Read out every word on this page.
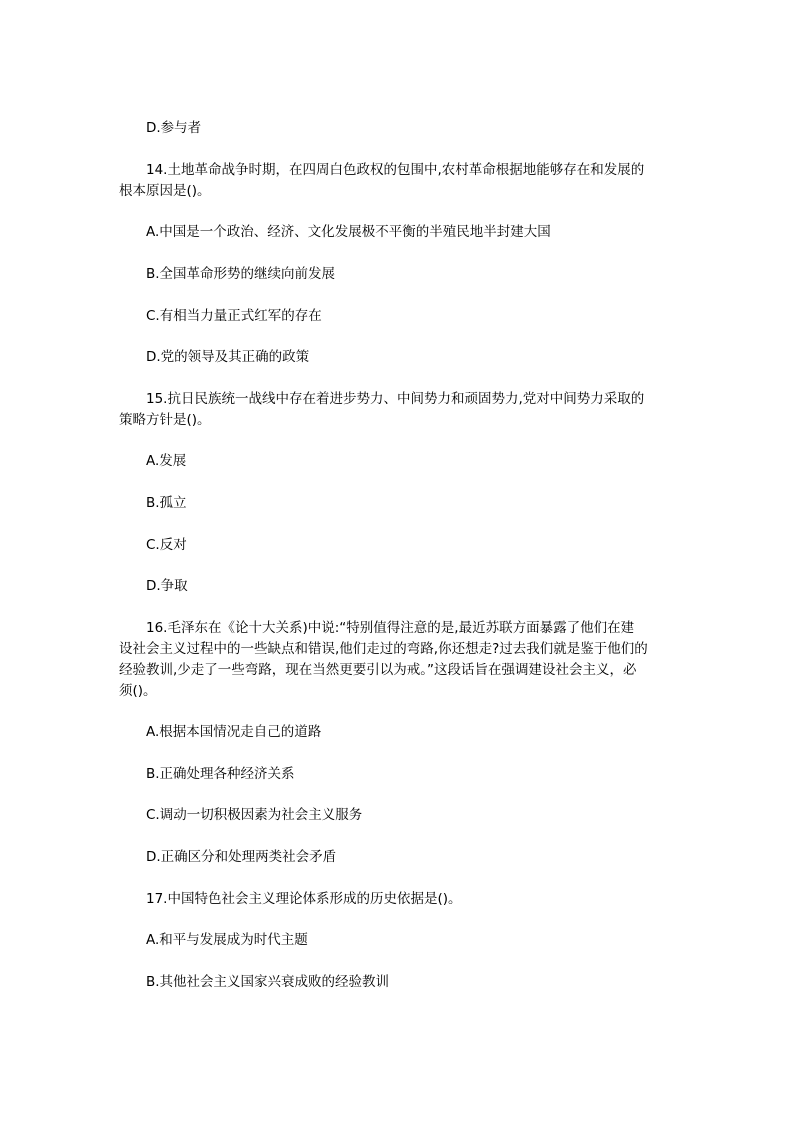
D.参与者
14.土地革命战争时期，在四周白色政权的包围中,农村革命根据地能够存在和发展的
根本原因是()。
A.中国是一个政治、经济、文化发展极不平衡的半殖民地半封建大国
B.全国革命形势的继续向前发展
C.有相当力量正式红军的存在
D.党的领导及其正确的政策
15.抗日民族统一战线中存在着进步势力、中间势力和顽固势力,党对中间势力采取的
策略方针是()。
A.发展
B.孤立
C.反对
D.争取
16.毛泽东在《论十大关系)中说:“特别值得注意的是,最近苏联方面暴露了他们在建
设社会主义过程中的一些缺点和错误,他们走过的弯路,你还想走?过去我们就是鉴于他们的
经验教训,少走了一些弯路，现在当然更要引以为戒。”这段话旨在强调建设社会主义，必
须()。
A.根据本国情况走自己的道路
B.正确处理各种经济关系
C.调动一切积极因素为社会主义服务
D.正确区分和处理两类社会矛盾
17.中国特色社会主义理论体系形成的历史依据是()。
A.和平与发展成为时代主题
B.其他社会主义国家兴衰成败的经验教训
